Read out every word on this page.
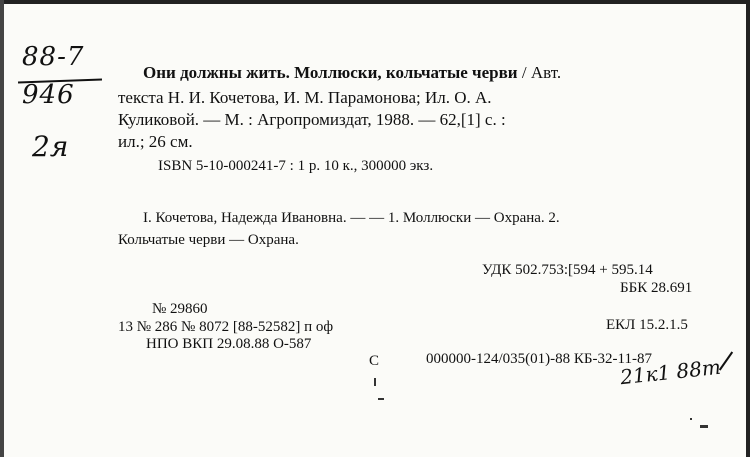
88-7
946
2я
Они должны жить. Моллюски, кольчатые черви / Авт.
текста Н. И. Кочетова, И. М. Парамонова; Ил. О. А.
Куликовой. — М. : Агропромиздат, 1988. — 62,[1] с. :
ил.; 26 см.
ISBN 5-10-000241-7 : 1 р. 10 к., 300000 экз.
I. Кочетова, Надежда Ивановна. — — 1. Моллюски — Охрана. 2.
Кольчатые черви — Охрана.
УДК 502.753:[594 + 595.14
ББК 28.691
№ 29860
13 № 286 № 8072 [88-52582] п оф	ЕКЛ 15.2.1.5
НПО ВКП 29.08.88 О-587
С	000000-124/035(01)-88 КБ-32-11-87
21к1 88т
